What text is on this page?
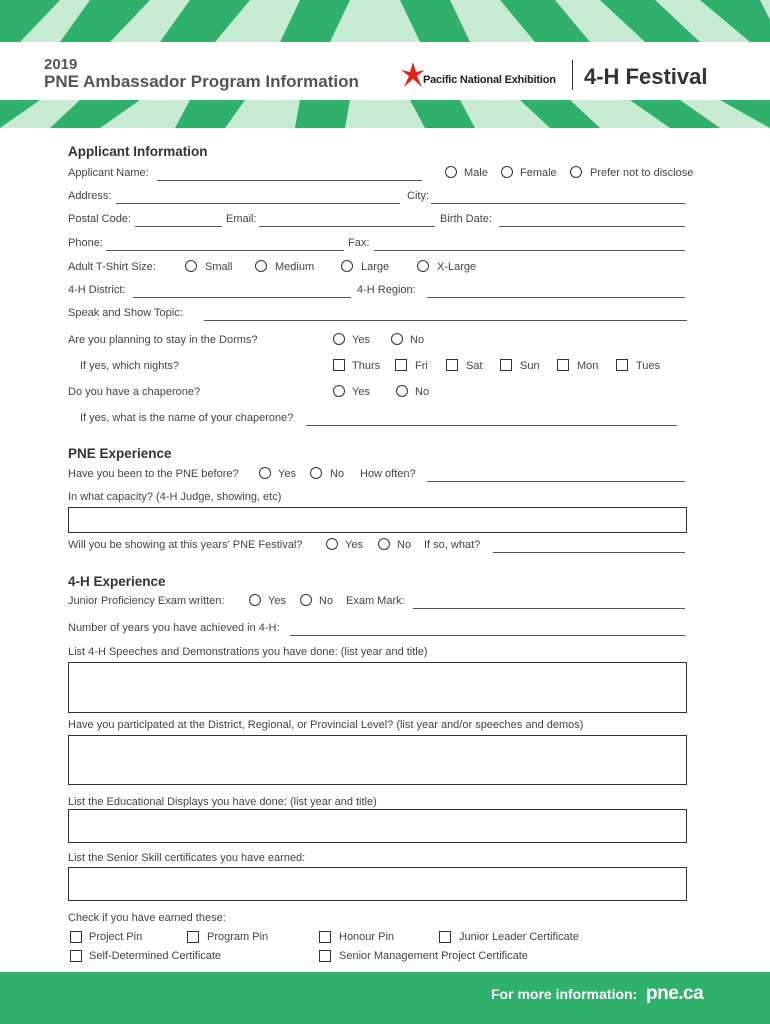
2019
PNE Ambassador Program Information	Pacific National Exhibition 4-H Festival
Applicant Information
Applicant Name:	Male	Female	Prefer not to disclose
Address:	City:
Postal Code:	Email:	Birth Date:
Phone:	Fax:
Adult T-Shirt Size:	Small	Medium	Large	X-Large
4-H District:	4-H Region:
Speak and Show Topic:
Are you planning to stay in the Dorms?	Yes	No
If yes, which nights?	Thurs	Fri	Sat	Sun	Mon	Tues
Do you have a chaperone?	Yes	No
If yes, what is the name of your chaperone?
PNE Experience
Have you been to the PNE before?	Yes	No How often?
In what capacity? (4-H Judge, showing, etc)
Will you be showing at this years' PNE Festival?	Yes	No If so, what?
4-H Experience
Junior Proficiency Exam written:	Yes	No Exam Mark:
Number of years you have achieved in 4-H:
List 4-H Speeches and Demonstrations you have done: (list year and title)
Have you participated at the District, Regional, or Provincial Level? (list year and/or speeches and demos)
List the Educational Displays you have done: (list year and title)
List the Senior Skill certificates you have earned:
Check if you have earned these:
Project Pin	Program Pin	Honour Pin	Junior Leader Certificate
Self-Determined Certificate	Senior Management Project Certificate
For more information: pne.ca
